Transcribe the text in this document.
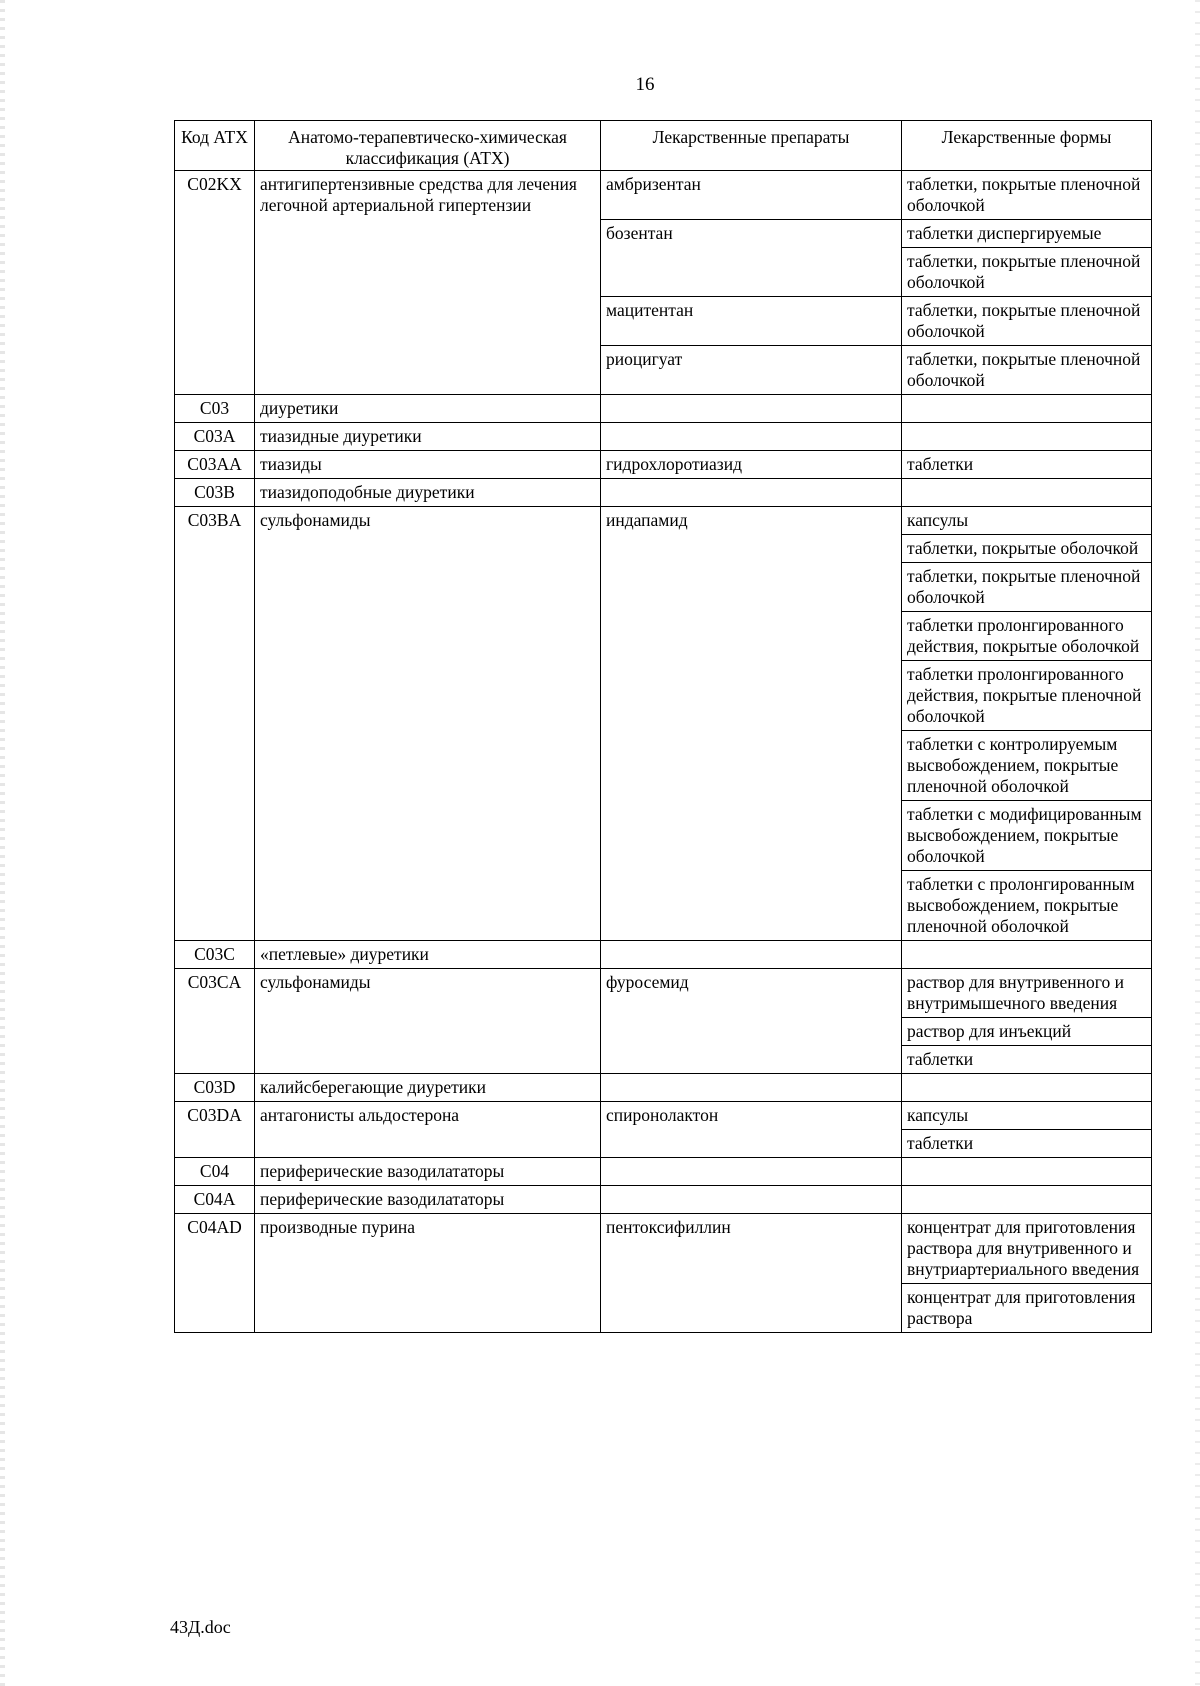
16
Код АТХ	Анатомо-терапевтическо-химическая классификация (АТХ)	Лекарственные препараты	Лекарственные формы
C02KX	антигипертензивные средства для лечения легочной артериальной гипертензии	амбризентан	таблетки, покрытые пленочной оболочкой
		бозентан	таблетки диспергируемые
			таблетки, покрытые пленочной оболочкой
		мацитентан	таблетки, покрытые пленочной оболочкой
		риоцигуат	таблетки, покрытые пленочной оболочкой
C03	диуретики		
C03A	тиазидные диуретики		
C03AA	тиазиды	гидрохлоротиазид	таблетки
C03B	тиазидоподобные диуретики		
C03BA	сульфонамиды	индапамид	капсулы
			таблетки, покрытые оболочкой
			таблетки, покрытые пленочной оболочкой
			таблетки пролонгированного действия, покрытые оболочкой
			таблетки пролонгированного действия, покрытые пленочной оболочкой
			таблетки с контролируемым высвобождением, покрытые пленочной оболочкой
			таблетки с модифицированным высвобождением, покрытые оболочкой
			таблетки с пролонгированным высвобождением, покрытые пленочной оболочкой
C03C	«петлевые» диуретики		
C03CA	сульфонамиды	фуросемид	раствор для внутривенного и внутримышечного введения
			раствор для инъекций
			таблетки
C03D	калийсберегающие диуретики		
C03DA	антагонисты альдостерона	спиронолактон	капсулы
			таблетки
C04	периферические вазодилататоры		
C04A	периферические вазодилататоры		
C04AD	производные пурина	пентоксифиллин	концентрат для приготовления раствора для внутривенного и внутриартериального введения
			концентрат для приготовления раствора
43Д.doc
